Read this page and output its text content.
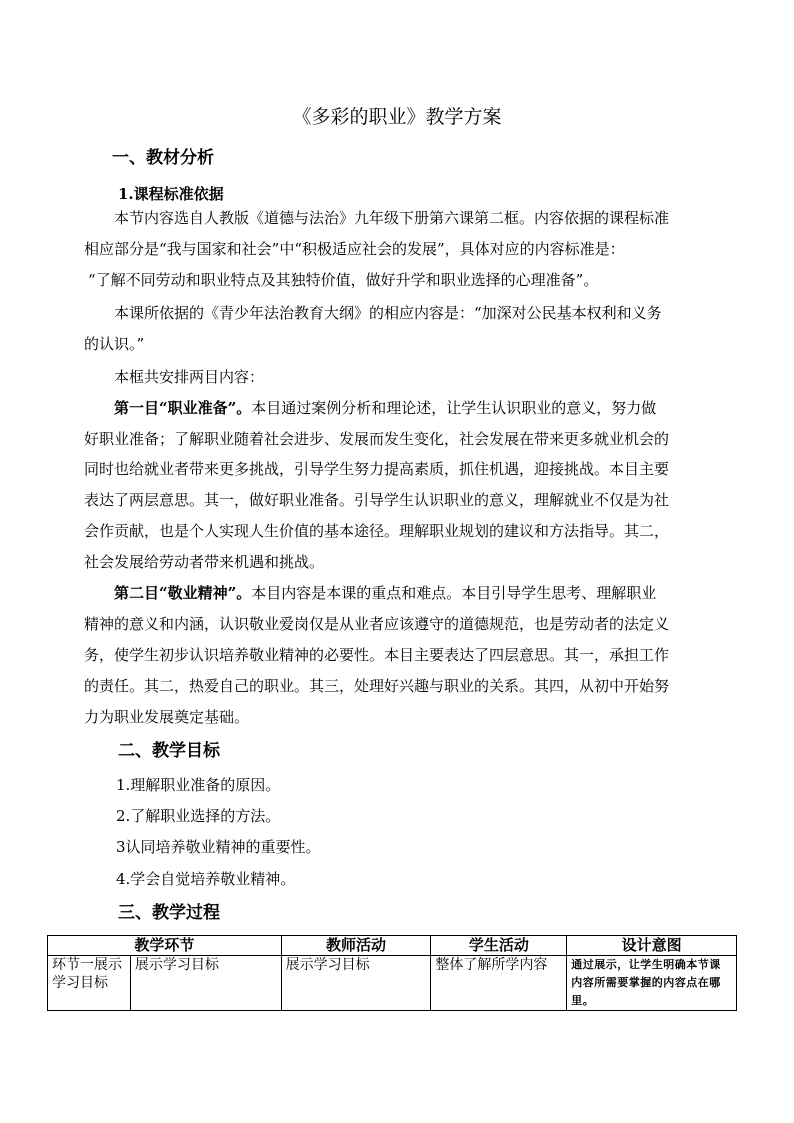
《多彩的职业》教学方案
一、教材分析
1.课程标准依据
本节内容选自人教版《道德与法治》九年级下册第六课第二框。内容依据的课程标准
相应部分是“我与国家和社会”中“积极适应社会的发展”，具体对应的内容标准是：
“了解不同劳动和职业特点及其独特价值，做好升学和职业选择的心理准备”。
本课所依据的《青少年法治教育大纲》的相应内容是：“加深对公民基本权利和义务
的认识。”
本框共安排两目内容：
第一目“职业准备”。本目通过案例分析和理论述，让学生认识职业的意义，努力做
好职业准备；了解职业随着社会进步、发展而发生变化，社会发展在带来更多就业机会的
同时也给就业者带来更多挑战，引导学生努力提高素质，抓住机遇，迎接挑战。本目主要
表达了两层意思。其一，做好职业准备。引导学生认识职业的意义，理解就业不仅是为社
会作贡献，也是个人实现人生价值的基本途径。理解职业规划的建议和方法指导。其二，
社会发展给劳动者带来机遇和挑战。
第二目“敬业精神”。本目内容是本课的重点和难点。本目引导学生思考、理解职业
精神的意义和内涵，认识敬业爱岗仅是从业者应该遵守的道德规范，也是劳动者的法定义
务，使学生初步认识培养敬业精神的必要性。本目主要表达了四层意思。其一，承担工作
的责任。其二，热爱自己的职业。其三，处理好兴趣与职业的关系。其四，从初中开始努
力为职业发展奠定基础。
二、教学目标
1.理解职业准备的原因。
2.了解职业选择的方法。
3认同培养敬业精神的重要性。
4.学会自觉培养敬业精神。
三、教学过程
教学环节		教师活动	学生活动	设计意图
环节一展示学习目标	展示学习目标	展示学习目标	整体了解所学内容	通过展示，让学生明确本节课内容所需要掌握的内容点在哪里。
